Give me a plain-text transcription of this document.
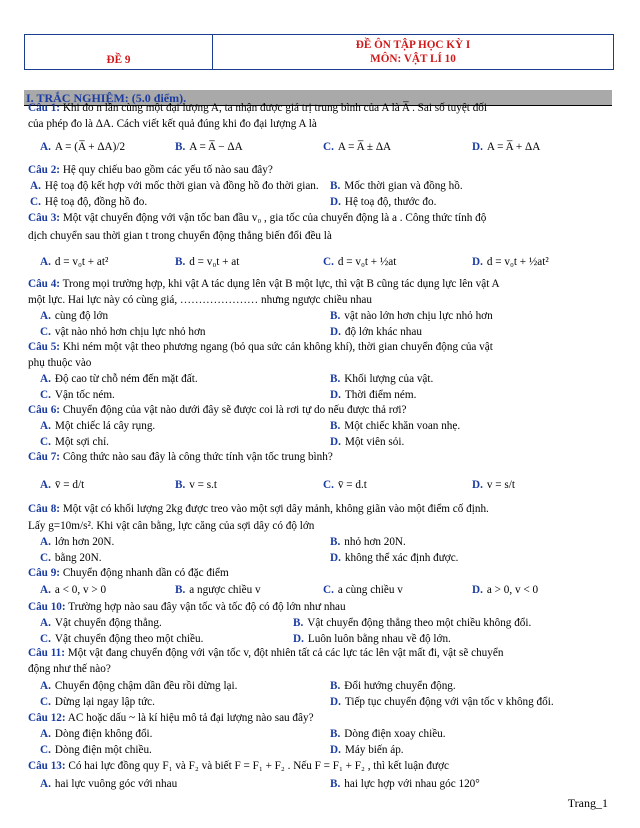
ĐỀ 9
ĐỀ ÔN TẬP HỌC KỲ I
MÔN: VẬT LÍ 10
I. TRẮC NGHIỆM: (5.0 điểm).
Câu 1: Khi đo n lần cùng một đại lượng A, ta nhận được giá trị trung bình của A là A̅ . Sai số tuyệt đối
của phép đo là ΔA. Cách viết kết quả đúng khi đo đại lượng A là
Câu 2: Hệ quy chiếu bao gồm các yếu tố nào sau đây?
Câu 3: Một vật chuyển động với vận tốc ban đầu v₀ , gia tốc của chuyển động là a . Công thức tính độ
dịch chuyển sau thời gian t trong chuyển động thẳng biến đổi đều là
Câu 4: Trong mọi trường hợp, khi vật A tác dụng lên vật B một lực, thì vật B cũng tác dụng lực lên vật A
một lực. Hai lực này có cùng giá, ………………… nhưng ngược chiều nhau
Câu 5: Khi ném một vật theo phương ngang (bỏ qua sức cản không khí), thời gian chuyển động của vật
phụ thuộc vào
Câu 6: Chuyển động của vật nào dưới đây sẽ được coi là rơi tự do nếu được thả rơi?
Câu 7: Công thức nào sau đây là công thức tính vận tốc trung bình?
Câu 8: Một vật có khối lượng 2kg được treo vào một sợi dây mảnh, không giãn vào một điểm cố định.
Lấy g=10m/s². Khi vật cân bằng, lực căng của sợi dây có độ lớn
Câu 9: Chuyển động nhanh dần có đặc điểm
Câu 10: Trường hợp nào sau đây vận tốc và tốc độ có độ lớn như nhau
Câu 11: Một vật đang chuyển động với vận tốc v, đột nhiên tất cả các lực tác lên vật mất đi, vật sẽ chuyển
động như thế nào?
Câu 12: AC hoặc dấu ~ là kí hiệu mô tả đại lượng nào sau đây?
Câu 13: Có hai lực đồng quy F₁ và F₂ và biết F = F₁ + F₂ . Nếu F = F₁ + F₂ , thì kết luận được
A. A = (A̅ + ΔA)/2	B. A = A̅ − ΔA	C. A = A̅ ± ΔA	D. A = A̅ + ΔA
A. Hệ toạ độ kết hợp với mốc thời gian và đồng hồ đo thời gian. B. Mốc thời gian và đồng hồ.
C. Hệ toạ độ, đồng hồ đo.	D. Hệ toạ độ, thước đo.
A. d = v₀t + at²	B. d = v₀t + at	C. d = v₀t + ½at	D. d = v₀t + ½at²
A. cùng độ lớn	B. vật nào lớn hơn chịu lực nhỏ hơn
C. vật nào nhỏ hơn chịu lực nhỏ hơn	D. độ lớn khác nhau
A. Độ cao từ chỗ ném đến mặt đất.	B. Khối lượng của vật.
C. Vận tốc ném.	D. Thời điểm ném.
A. Một chiếc lá cây rụng.	B. Một chiếc khăn voan nhẹ.
C. Một sợi chỉ.	D. Một viên sỏi.
A. v̄ = d/t	B. v = s.t	C. v̄ = d.t	D. v = s/t
A. lớn hơn 20N.	B. nhỏ hơn 20N.
C. bằng 20N.	D. không thể xác định được.
A. a < 0, v > 0	B. a ngược chiều v	C. a cùng chiều v	D. a > 0, v < 0
A. Vật chuyển động thẳng.	B. Vật chuyển động thẳng theo một chiều không đổi.
C. Vật chuyển động theo một chiều.	D. Luôn luôn bằng nhau về độ lớn.
A. Chuyển động chậm dần đều rồi dừng lại.	B. Đổi hướng chuyển động.
C. Dừng lại ngay lập tức.	D. Tiếp tục chuyển động với vận tốc v không đổi.
A. Dòng điện không đổi.	B. Dòng điện xoay chiều.
C. Dòng điện một chiều.	D. Máy biến áp.
A. hai lực vuông góc với nhau	B. hai lực hợp với nhau góc 120°
Trang_1
